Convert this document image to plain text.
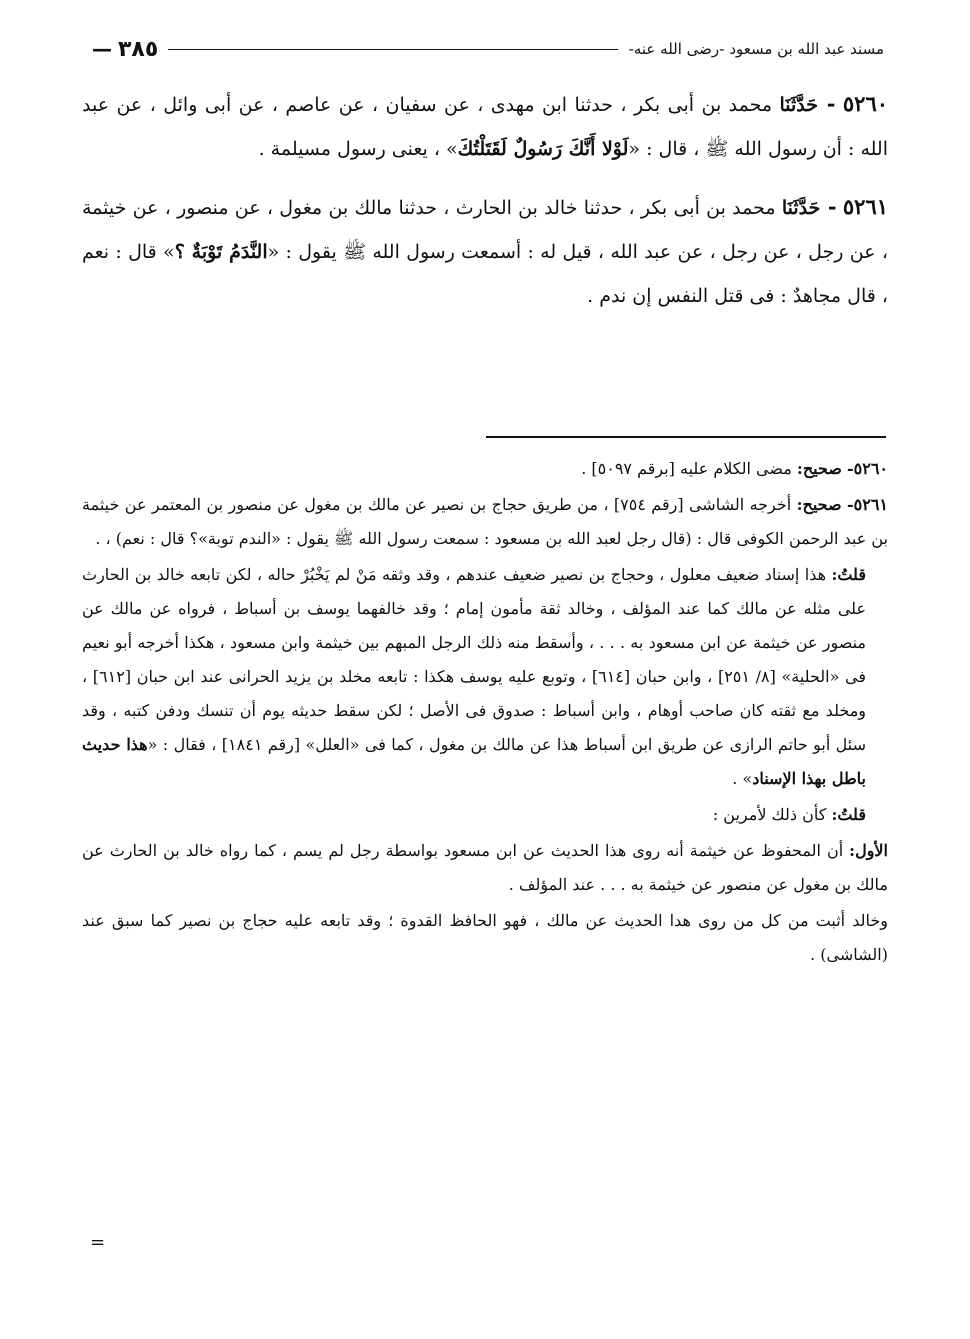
مسند عبد الله بن مسعود -رضى الله عنه-
٣٨٥
—

٥٢٦٠ - حَدَّثَنَا محمد بن أبى بكر ، حدثنا ابن مهدى ، عن سفيان ، عن عاصم ، عن أبى وائل ، عن عبد الله : أن رسول الله ﷺ ، قال : «لَوْلا أَنَّكَ رَسُولٌ لَقَتَلْتُكَ» ، يعنى رسول مسيلمة .

٥٢٦١ - حَدَّثَنَا محمد بن أبى بكر ، حدثنا خالد بن الحارث ، حدثنا مالك بن مغول ، عن منصور ، عن خيثمة ، عن رجل ، عن رجل ، عن عبد الله ، قيل له : أسمعت رسول الله ﷺ يقول : «النَّدَمُ تَوْبَةٌ ؟» قال : نعم ، قال مجاهدٌ : فى قتل النفس إن ندم .

٥٢٦٠- صحيح: مضى الكلام عليه [برقم ٥٠٩٧] .

٥٢٦١- صحيح: أخرجه الشاشى [رقم ٧٥٤] ، من طريق حجاج بن نصير عن مالك بن مغول عن منصور بن المعتمر عن خيثمة بن عبد الرحمن الكوفى قال : (قال رجل لعبد الله بن مسعود : سمعت رسول الله ﷺ يقول : «الندم توبة»؟ قال : نعم) ، .

قلتُ: هذا إسناد ضعيف معلول ، وحجاج بن نصير ضعيف عندهم ، وقد وثقه مَنْ لم يَخْبُرْ حاله ، لكن تابعه خالد بن الحارث على مثله عن مالك كما عند المؤلف ، وخالد ثقة مأمون إمام ؛ وقد خالفهما يوسف بن أسباط ، فرواه عن مالك عن منصور عن خيثمة عن ابن مسعود به . . . ، وأسقط منه ذلك الرجل المبهم بين خيثمة وابن مسعود ، هكذا أخرجه أبو نعيم فى «الحلية» [٨/ ٢٥١] ، وابن حبان [٦١٤] ، وتوبع عليه يوسف هكذا : تابعه مخلد بن يزيد الحرانى عند ابن حبان [٦١٢] ، ومخلد مع ثقته كان صاحب أوهام ، وابن أسباط : صدوق فى الأصل ؛ لكن سقط حديثه يوم أن تنسك ودفن كتبه ، وقد سئل أبو حاتم الرازى عن طريق ابن أسباط هذا عن مالك بن مغول ، كما فى «العلل» [رقم ١٨٤١] ، فقال : «هذا حديث باطل بهذا الإسناد» .

قلتُ: كأن ذلك لأمرين :

الأول: أن المحفوظ عن خيثمة أنه روى هذا الحديث عن ابن مسعود بواسطة رجل لم يسم ، كما رواه خالد بن الحارث عن مالك بن مغول عن منصور عن خيثمة به . . . عند المؤلف .

وخالد أثبت من كل من روى هدا الحديث عن مالك ، فهو الحافظ القدوة ؛ وقد تابعه عليه حجاج بن نصير كما سبق عند (الشاشى) .

=
